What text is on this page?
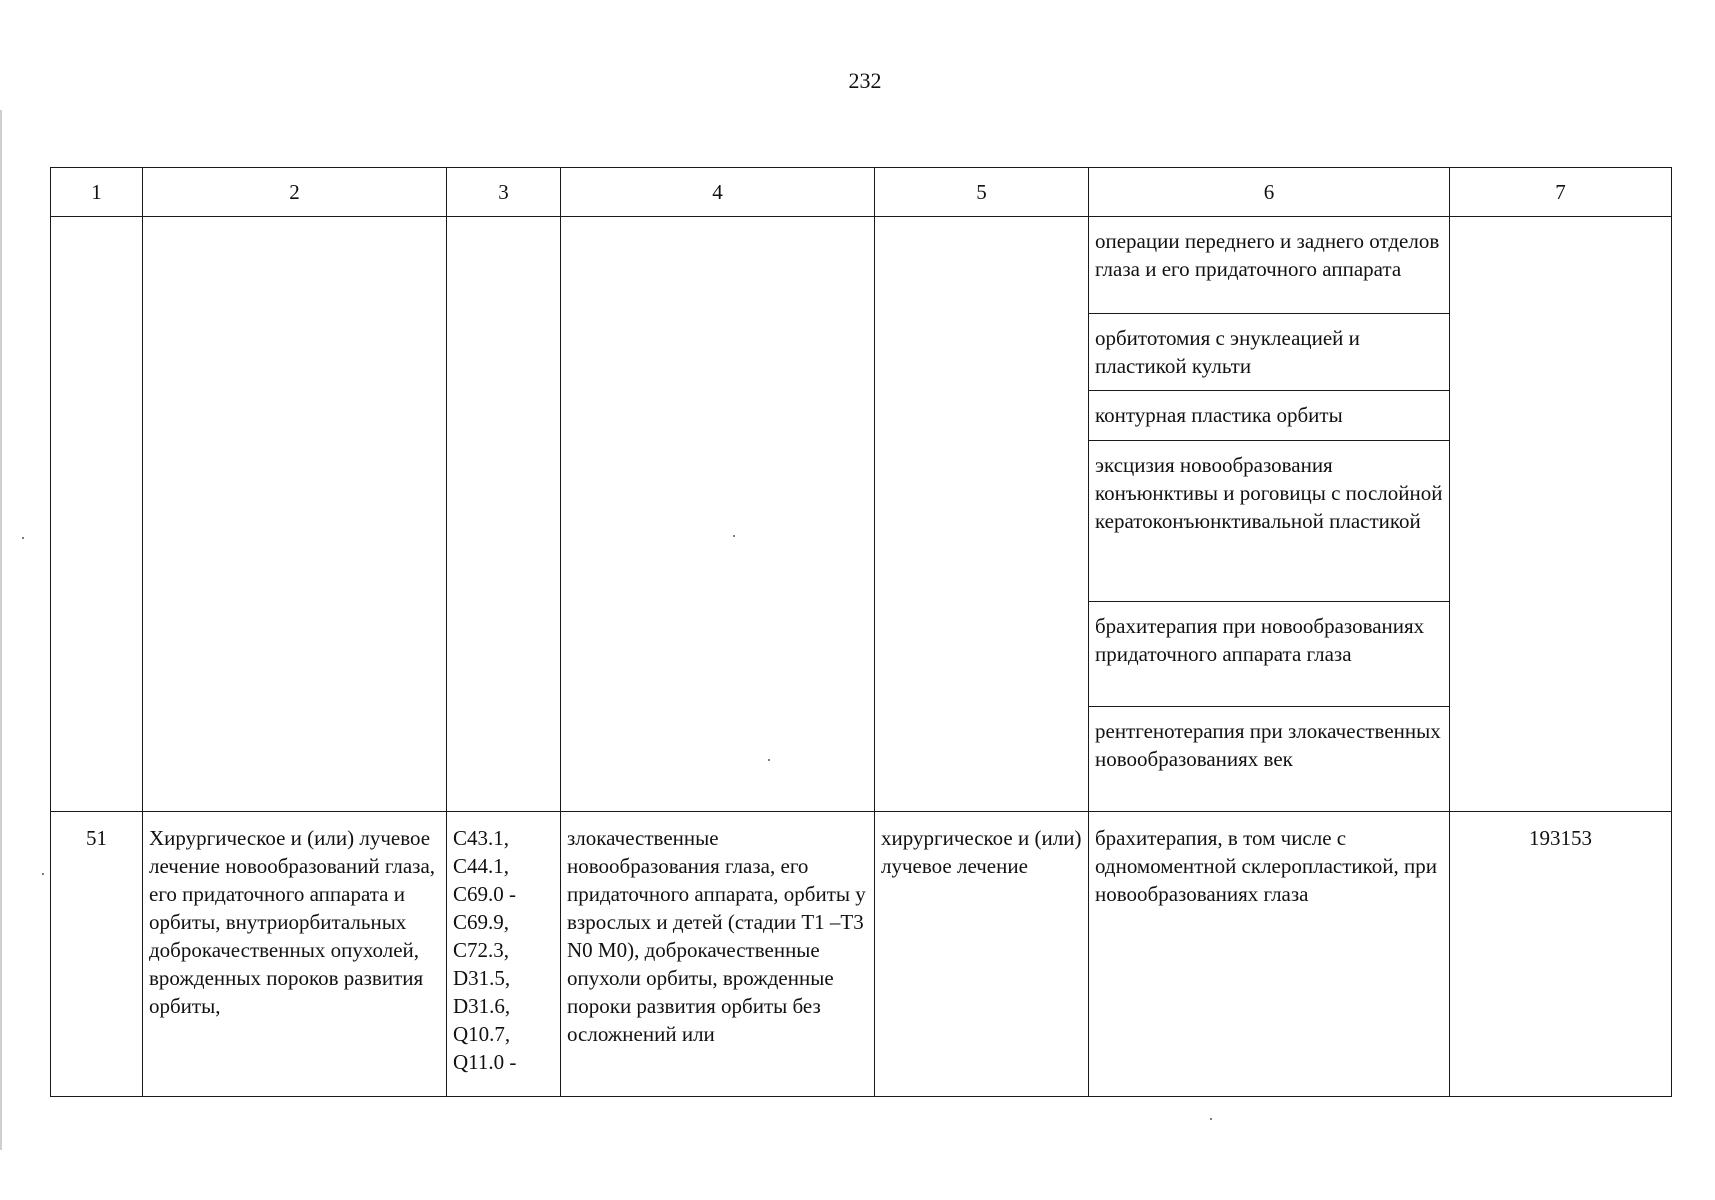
232
1	2	3	4	5	6	7
					операции переднего и заднего отделов глаза и его придаточного аппарата	
					орбитотомия с энуклеацией и пластикой культи	
					контурная пластика орбиты	
					эксцизия новообразования конъюнктивы и роговицы с послойной кератоконъюнктивальной пластикой	
					брахитерапия при новообразованиях придаточного аппарата глаза	
					рентгенотерапия при злокачественных новообразованиях век	
51	Хирургическое и (или) лучевое лечение новообразований глаза, его придаточного аппарата и орбиты, внутриорбитальных доброкачественных опухолей, врожденных пороков развития орбиты,	C43.1, C44.1, C69.0 - C69.9, C72.3, D31.5, D31.6, Q10.7, Q11.0 -	злокачественные новообразования глаза, его придаточного аппарата, орбиты у взрослых и детей (стадии T1 –T3 N0 M0), доброкачественные опухоли орбиты, врожденные пороки развития орбиты без осложнений или	хирургическое и (или) лучевое лечение	брахитерапия, в том числе с одномоментной склеропластикой, при новообразованиях глаза	193153
